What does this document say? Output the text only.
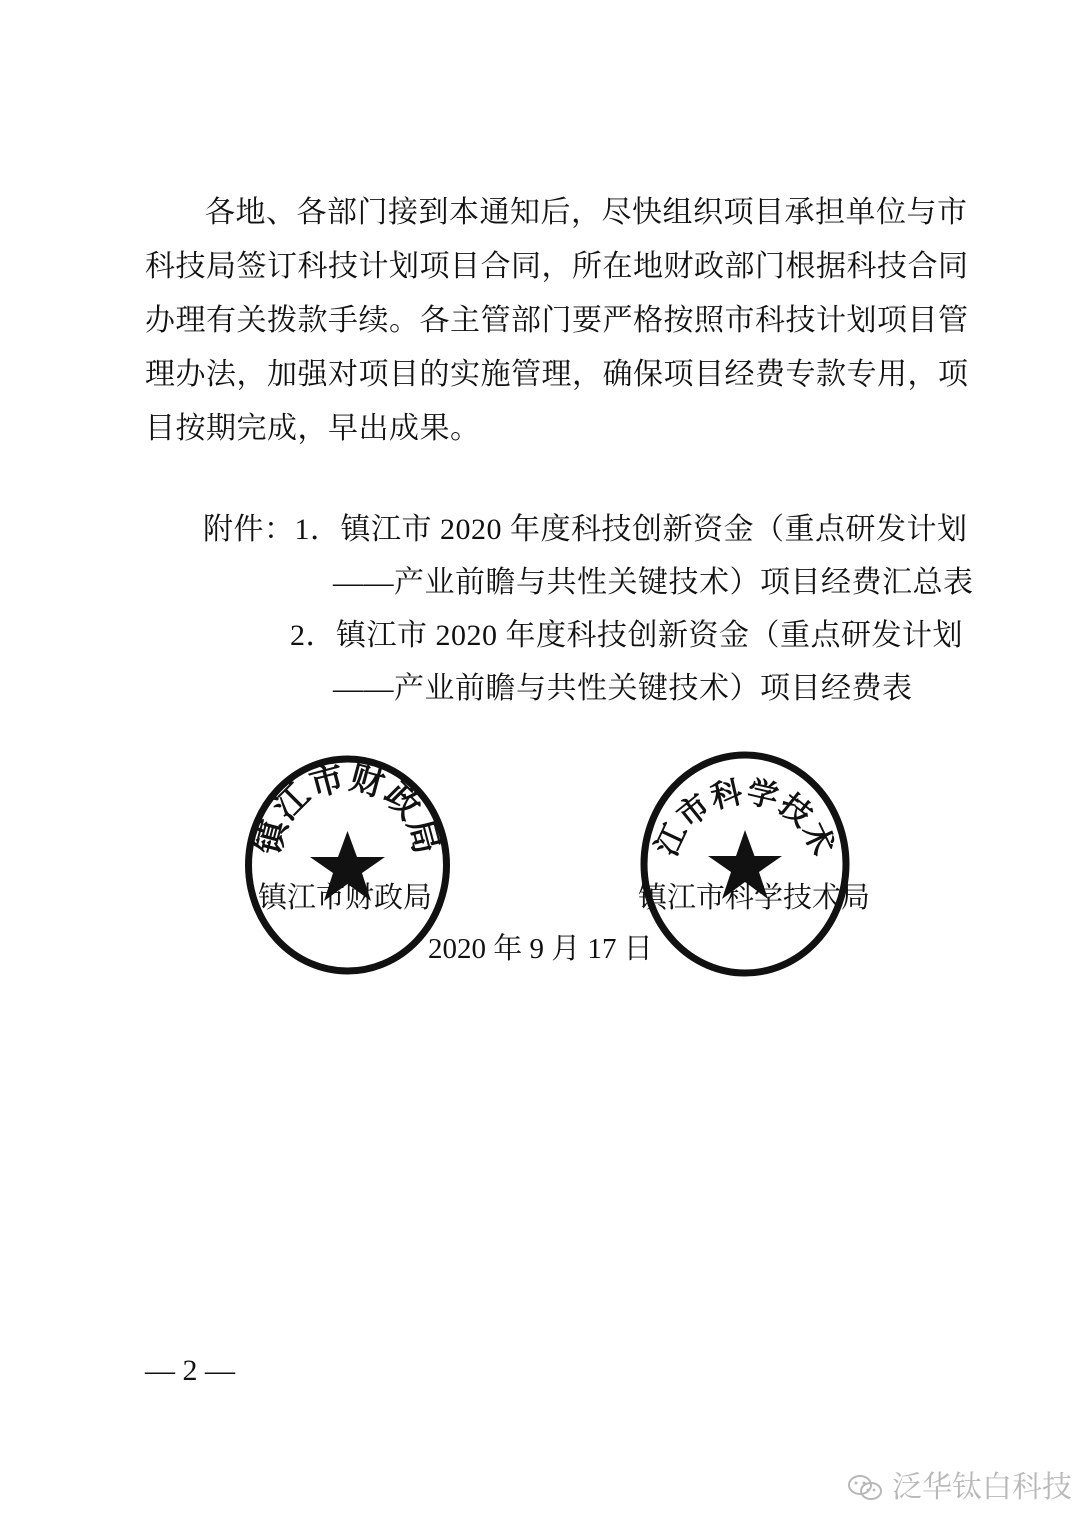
各地、各部门接到本通知后，尽快组织项目承担单位与市
科技局签订科技计划项目合同，所在地财政部门根据科技合同
办理有关拨款手续。各主管部门要严格按照市科技计划项目管
理办法，加强对项目的实施管理，确保项目经费专款专用，项
目按期完成，早出成果。
附件：1．镇江市 2020 年度科技创新资金（重点研发计划
——产业前瞻与共性关键技术）项目经费汇总表
2．镇江市 2020 年度科技创新资金（重点研发计划
——产业前瞻与共性关键技术）项目经费表
镇江市财政局
镇江市科学技术局
镇江市财政局	镇江市科学技术局
2020 年 9 月 17 日
— 2 —
泛华钛白科技
